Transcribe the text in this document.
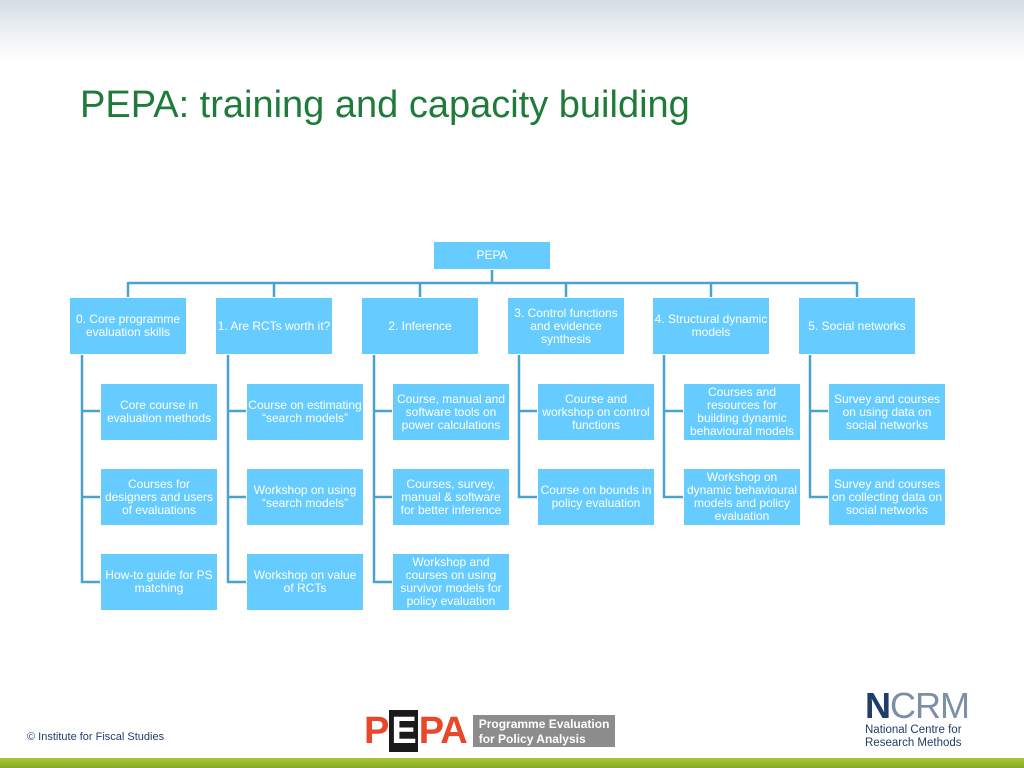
PEPA: training and capacity building
PEPA
0. Core programme evaluation skills	1. Are RCTs worth it?	2. Inference
3. Control functions and evidence synthesis
4. Structural dynamic models	5. Social networks
Core course in evaluation methods
Courses for designers and users of evaluations
How-to guide for PS matching
Course on estimating “search models”
Workshop on using “search models”
Workshop on value of RCTs
Course, manual and software tools on power calculations
Courses, survey, manual & software for better inference
Workshop and courses on using survivor models for policy evaluation
Course and workshop on control functions
Course on bounds in policy evaluation
Courses and resources for building dynamic behavioural models
Workshop on dynamic behavioural models and policy evaluation
Survey and courses on using data on social networks
Survey and courses on collecting data on social networks
© Institute for Fiscal Studies	PEPA Programme Evaluation
for Policy Analysis
NCRM
National Centre for
Research Methods
